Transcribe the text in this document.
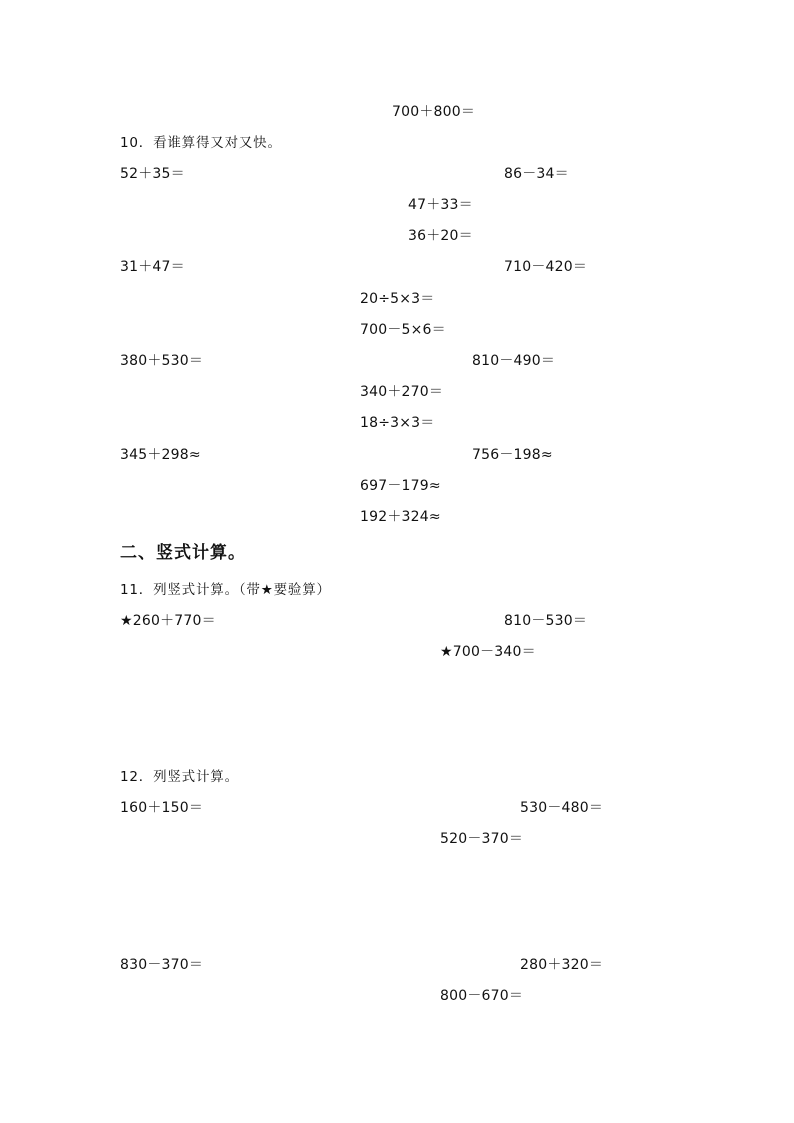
700＋800＝
10．看谁算得又对又快。
52＋35＝	86－34＝
47＋33＝
36＋20＝
31＋47＝	710－420＝
20÷5×3＝
700－5×6＝
380＋530＝	810－490＝
340＋270＝
18÷3×3＝
345＋298≈	756－198≈
697－179≈
192＋324≈
二、竖式计算。
11．列竖式计算。（带★要验算）
★260＋770＝	810－530＝
★700－340＝
12．列竖式计算。
160＋150＝	530－480＝
520－370＝
830－370＝	280＋320＝
800－670＝
